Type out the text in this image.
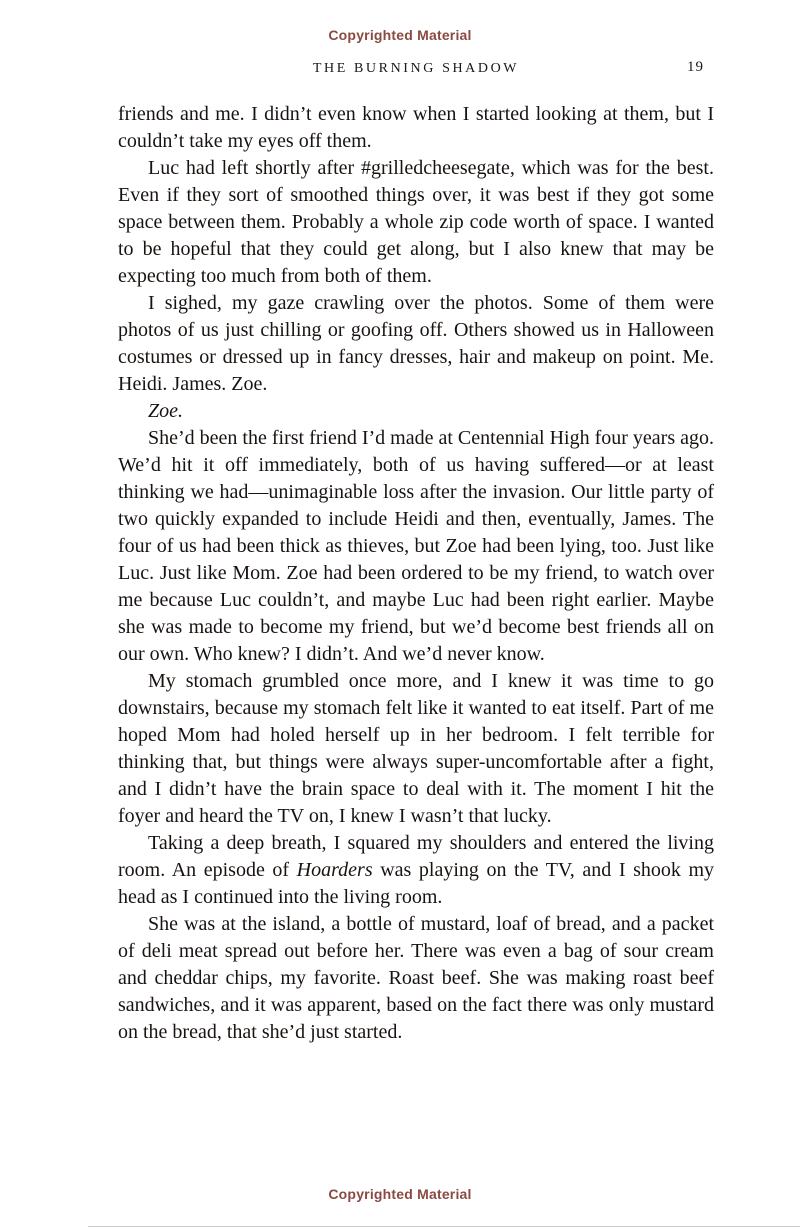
Copyrighted Material
THE BURNING SHADOW	19

friends and me. I didn’t even know when I started looking at them, but I couldn’t take my eyes off them.

Luc had left shortly after #grilledcheesegate, which was for the best. Even if they sort of smoothed things over, it was best if they got some space between them. Probably a whole zip code worth of space. I wanted to be hopeful that they could get along, but I also knew that may be expecting too much from both of them.

I sighed, my gaze crawling over the photos. Some of them were photos of us just chilling or goofing off. Others showed us in Halloween costumes or dressed up in fancy dresses, hair and makeup on point. Me. Heidi. James. Zoe.

Zoe.

She’d been the first friend I’d made at Centennial High four years ago. We’d hit it off immediately, both of us having suffered—or at least thinking we had—unimaginable loss after the invasion. Our little party of two quickly expanded to include Heidi and then, eventually, James. The four of us had been thick as thieves, but Zoe had been lying, too. Just like Luc. Just like Mom. Zoe had been ordered to be my friend, to watch over me because Luc couldn’t, and maybe Luc had been right earlier. Maybe she was made to become my friend, but we’d become best friends all on our own. Who knew? I didn’t. And we’d never know.

My stomach grumbled once more, and I knew it was time to go downstairs, because my stomach felt like it wanted to eat itself. Part of me hoped Mom had holed herself up in her bedroom. I felt terrible for thinking that, but things were always super-uncomfortable after a fight, and I didn’t have the brain space to deal with it. The moment I hit the foyer and heard the TV on, I knew I wasn’t that lucky.

Taking a deep breath, I squared my shoulders and entered the living room. An episode of Hoarders was playing on the TV, and I shook my head as I continued into the living room.

She was at the island, a bottle of mustard, loaf of bread, and a packet of deli meat spread out before her. There was even a bag of sour cream and cheddar chips, my favorite. Roast beef. She was making roast beef sandwiches, and it was apparent, based on the fact there was only mustard on the bread, that she’d just started.

Copyrighted Material
